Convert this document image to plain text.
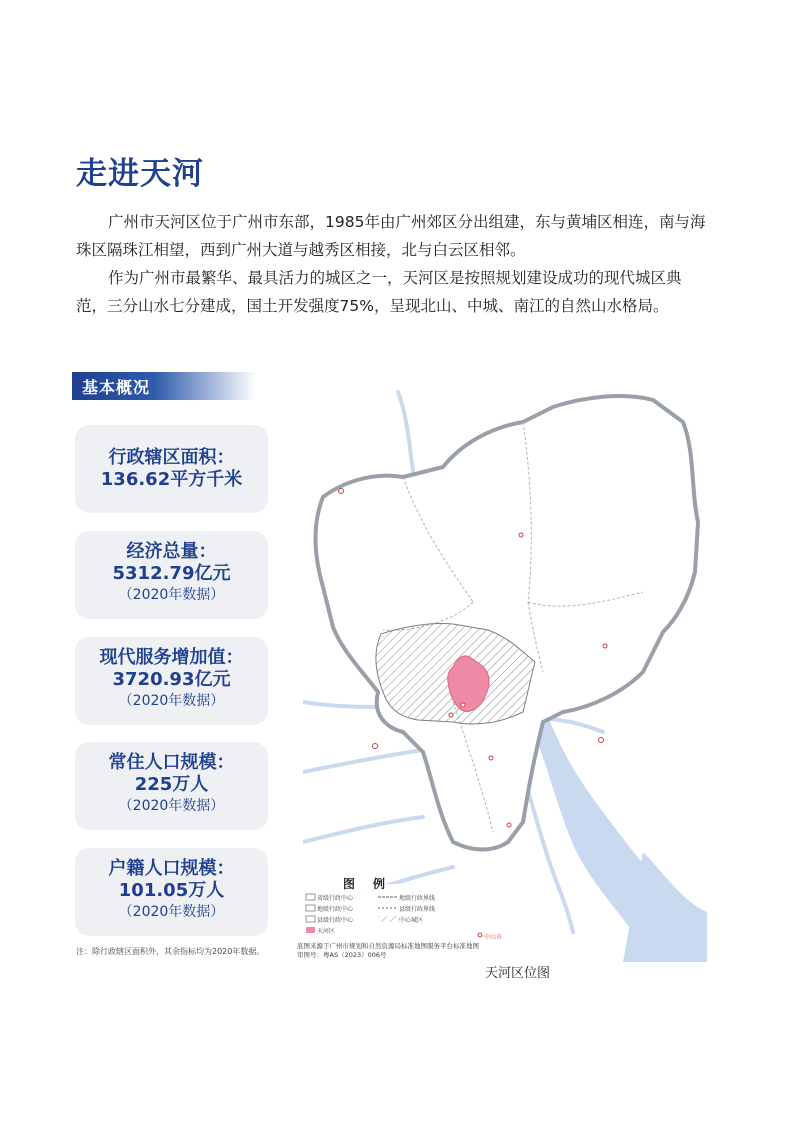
走进天河

广州市天河区位于广州市东部，1985年由广州郊区分出组建，东与黄埔区相连，南与海珠区隔珠江相望，西到广州大道与越秀区相接，北与白云区相邻。

作为广州市最繁华、最具活力的城区之一，天河区是按照规划建设成功的现代城区典范，三分山水七分建成，国土开发强度75%，呈现北山、中城、南江的自然山水格局。

基本概况
行政辖区面积：
136.62平方千米
经济总量：
5312.79亿元
（2020年数据）
现代服务增加值：
3720.93亿元
（2020年数据）
常住人口规模：
225万人
（2020年数据）
户籍人口规模：
101.05万人
（2020年数据）
注：除行政辖区面积外，其余指标均为2020年数据。
图　例
省级行政中心
地级行政中心
县级行政中心
天河区
地级行政界线
县级行政界线
中心城区
中山市
底图来源于广州市规划和自然资源局标准地图服务平台标准地图
审图号：粤AS（2023）006号
天河区位图
